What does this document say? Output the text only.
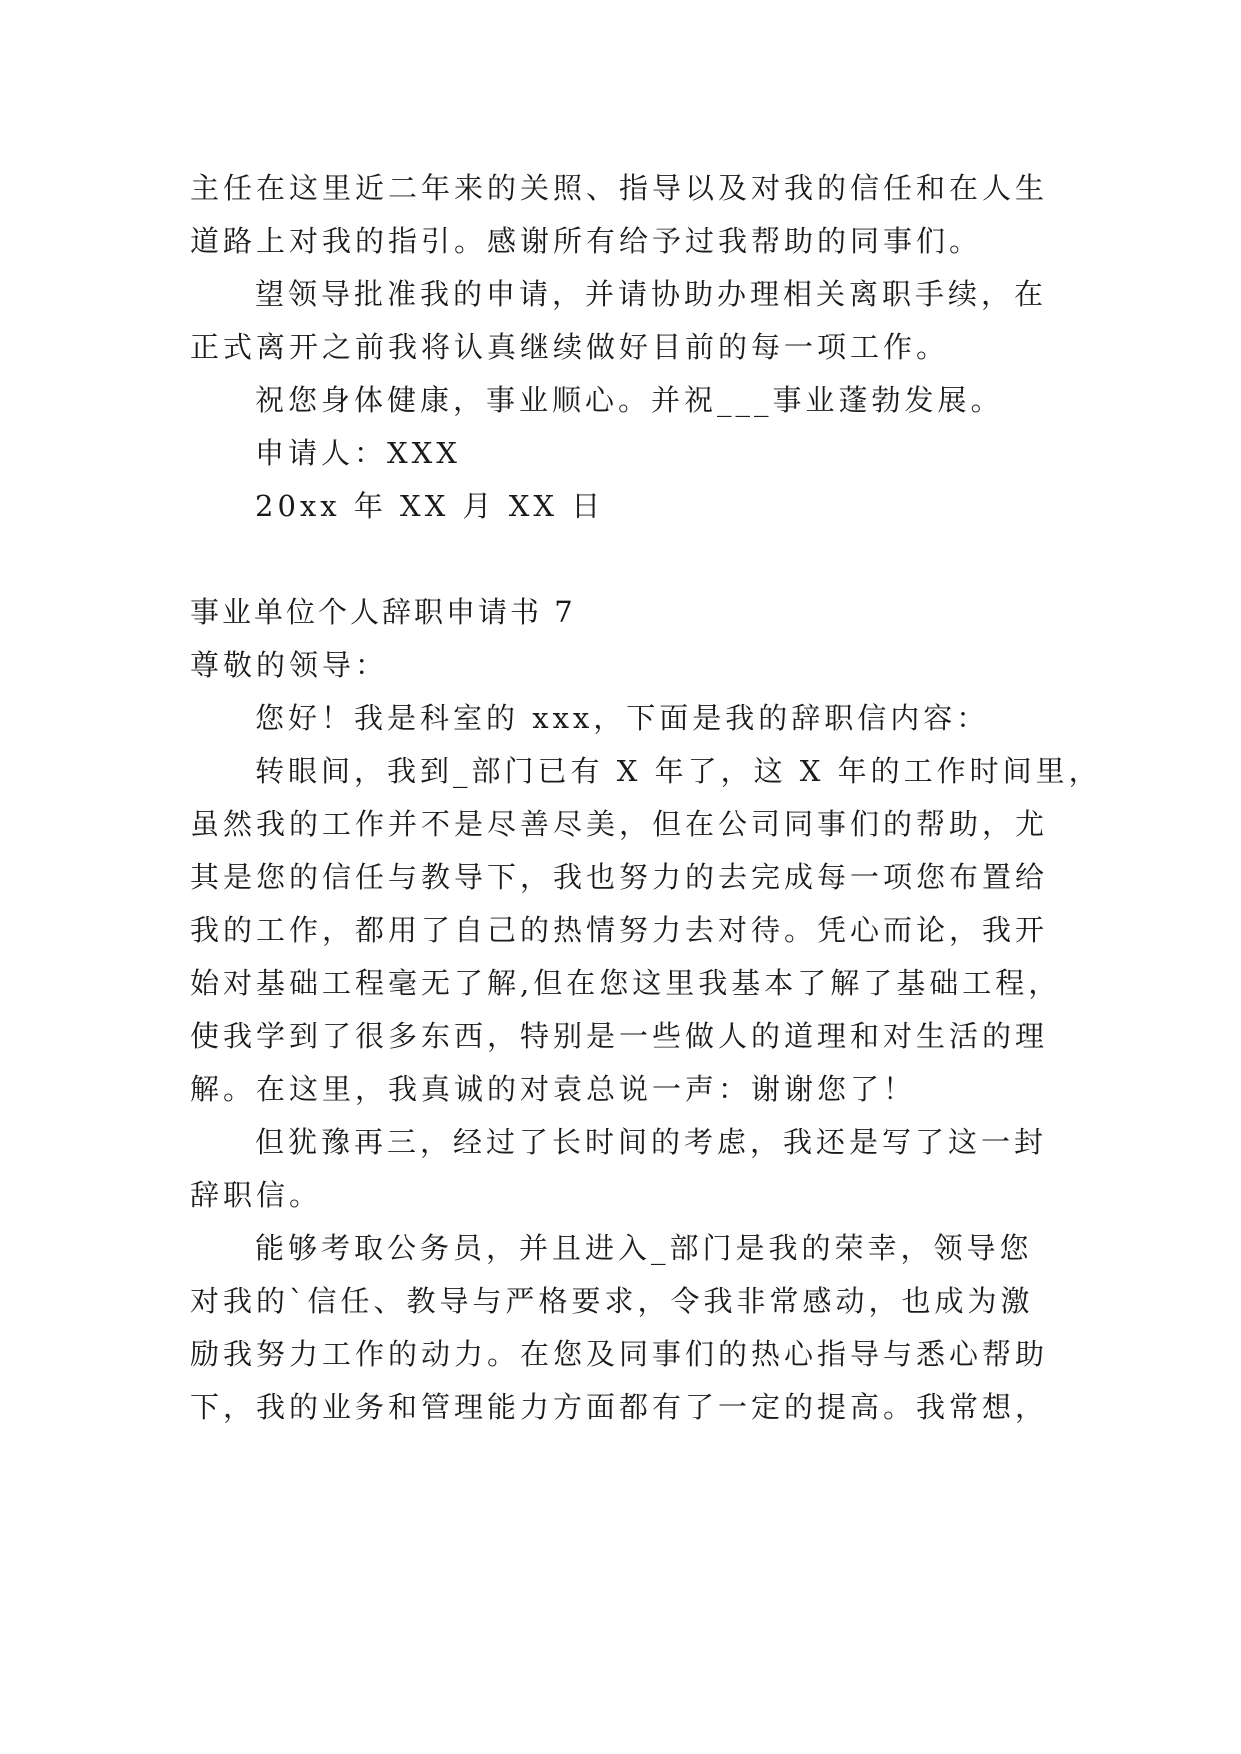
主任在这里近二年来的关照、指导以及对我的信任和在人生
道路上对我的指引。感谢所有给予过我帮助的同事们。
望领导批准我的申请，并请协助办理相关离职手续，在
正式离开之前我将认真继续做好目前的每一项工作。
祝您身体健康，事业顺心。并祝___事业蓬勃发展。
申请人：XXX
20xx 年 XX 月 XX 日
事业单位个人辞职申请书 7
尊敬的领导：
您好！我是科室的 xxx，下面是我的辞职信内容：
转眼间，我到_部门已有 X 年了，这 X 年的工作时间里，
虽然我的工作并不是尽善尽美，但在公司同事们的帮助，尤
其是您的信任与教导下，我也努力的去完成每一项您布置给
我的工作，都用了自己的热情努力去对待。凭心而论，我开
始对基础工程毫无了解,但在您这里我基本了解了基础工程，
使我学到了很多东西，特别是一些做人的道理和对生活的理
解。在这里，我真诚的对袁总说一声：谢谢您了！
但犹豫再三，经过了长时间的考虑，我还是写了这一封
辞职信。
能够考取公务员，并且进入_部门是我的荣幸，领导您
对我的`信任、教导与严格要求，令我非常感动，也成为激
励我努力工作的动力。在您及同事们的热心指导与悉心帮助
下，我的业务和管理能力方面都有了一定的提高。我常想，
